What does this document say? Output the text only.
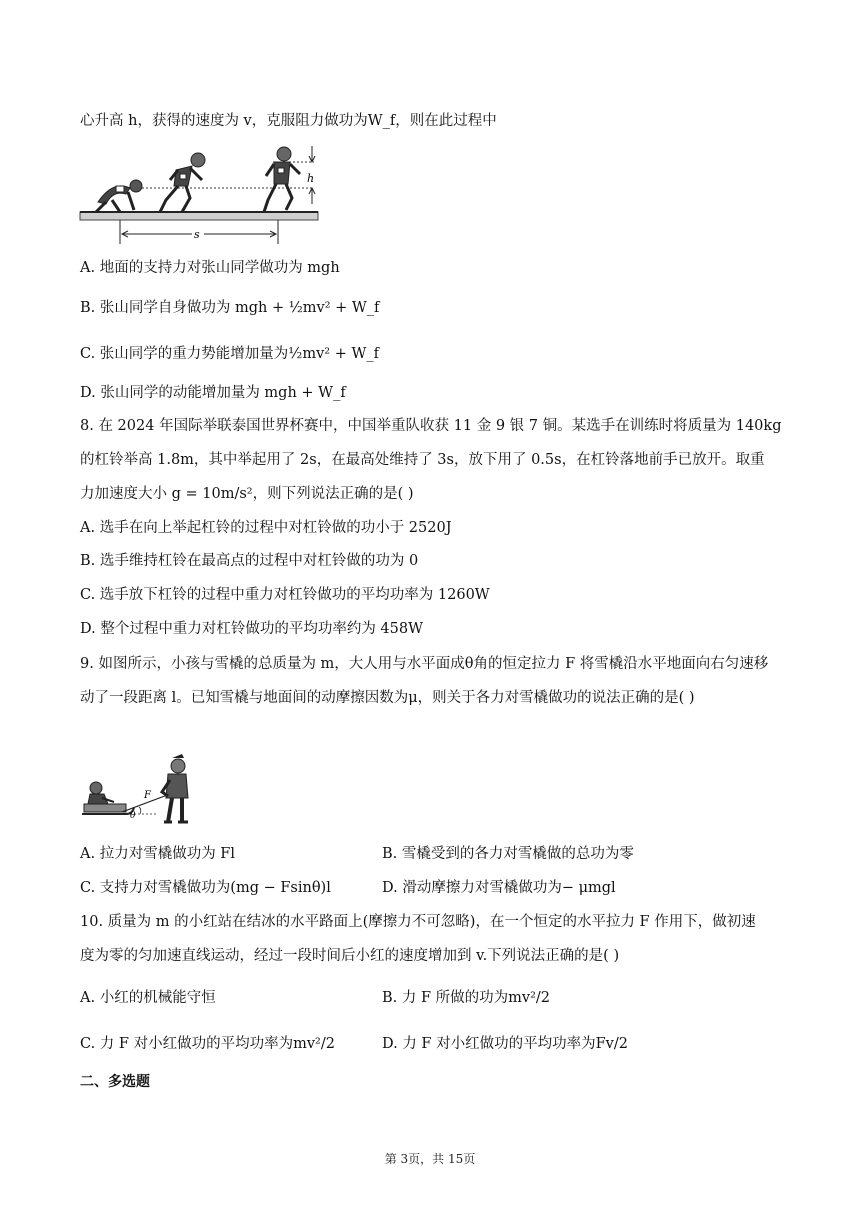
心升高 h，获得的速度为 v，克服阻力做功为W_f，则在此过程中
h
s
A. 地面的支持力对张山同学做功为 mgh
B. 张山同学自身做功为 mgh + ½mv² + W_f
C. 张山同学的重力势能增加量为½mv² + W_f
D. 张山同学的动能增加量为 mgh + W_f
8. 在 2024 年国际举联泰国世界杯赛中，中国举重队收获 11 金 9 银 7 铜。某选手在训练时将质量为 140kg
的杠铃举高 1.8m，其中举起用了 2s，在最高处维持了 3s，放下用了 0.5s，在杠铃落地前手已放开。取重
力加速度大小 g = 10m/s²，则下列说法正确的是( )
A. 选手在向上举起杠铃的过程中对杠铃做的功小于 2520J
B. 选手维持杠铃在最高点的过程中对杠铃做的功为 0
C. 选手放下杠铃的过程中重力对杠铃做功的平均功率为 1260W
D. 整个过程中重力对杠铃做功的平均功率约为 458W
9. 如图所示，小孩与雪橇的总质量为 m，大人用与水平面成θ角的恒定拉力 F 将雪橇沿水平地面向右匀速移
动了一段距离 l。已知雪橇与地面间的动摩擦因数为μ，则关于各力对雪橇做功的说法正确的是( )
θ
F
A. 拉力对雪橇做功为 Fl	B. 雪橇受到的各力对雪橇做的总功为零
C. 支持力对雪橇做功为(mg − Fsinθ)l	D. 滑动摩擦力对雪橇做功为− μmgl
10. 质量为 m 的小红站在结冰的水平路面上(摩擦力不可忽略)，在一个恒定的水平拉力 F 作用下，做初速
度为零的匀加速直线运动，经过一段时间后小红的速度增加到 v.下列说法正确的是( )
A. 小红的机械能守恒	B. 力 F 所做的功为mv²/2
C. 力 F 对小红做功的平均功率为mv²/2	D. 力 F 对小红做功的平均功率为Fv/2
二、多选题
第 3页，共 15页
